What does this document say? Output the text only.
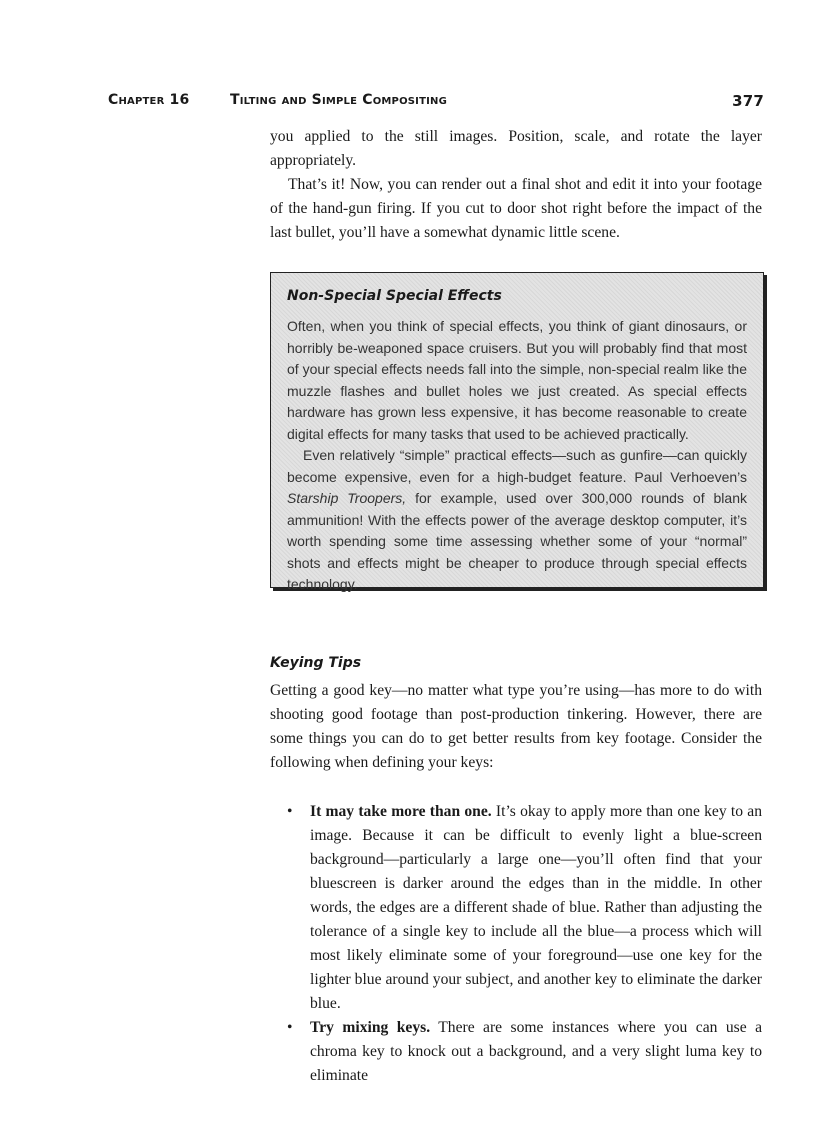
Chapter 16	Tilting and Simple Compositing	377

you applied to the still images. Position, scale, and rotate the layer appropriately.

That’s it! Now, you can render out a final shot and edit it into your footage of the hand-gun firing. If you cut to door shot right before the impact of the last bullet, you’ll have a somewhat dynamic little scene.

Non-Special Special Effects

Often, when you think of special effects, you think of giant dinosaurs, or horribly be-weaponed space cruisers. But you will probably find that most of your special effects needs fall into the simple, non-special realm like the muzzle flashes and bullet holes we just created. As special effects hardware has grown less expensive, it has become reasonable to create digital effects for many tasks that used to be achieved practically.

Even relatively “simple” practical effects—such as gunfire—can quickly become expensive, even for a high-budget feature. Paul Verhoeven’s Starship Troopers, for example, used over 300,000 rounds of blank ammunition! With the effects power of the average desktop computer, it’s worth spending some time assessing whether some of your “normal” shots and effects might be cheaper to produce through special effects technology.

Keying Tips

Getting a good key—no matter what type you’re using—has more to do with shooting good footage than post-production tinkering. However, there are some things you can do to get better results from key footage. Consider the following when defining your keys:

• It may take more than one. It’s okay to apply more than one key to an image. Because it can be difficult to evenly light a blue-screen background—particularly a large one—you’ll often find that your bluescreen is darker around the edges than in the middle. In other words, the edges are a different shade of blue. Rather than adjusting the tolerance of a single key to include all the blue—a process which will most likely eliminate some of your foreground—use one key for the lighter blue around your subject, and another key to eliminate the darker blue.
• Try mixing keys. There are some instances where you can use a chroma key to knock out a background, and a very slight luma key to eliminate
